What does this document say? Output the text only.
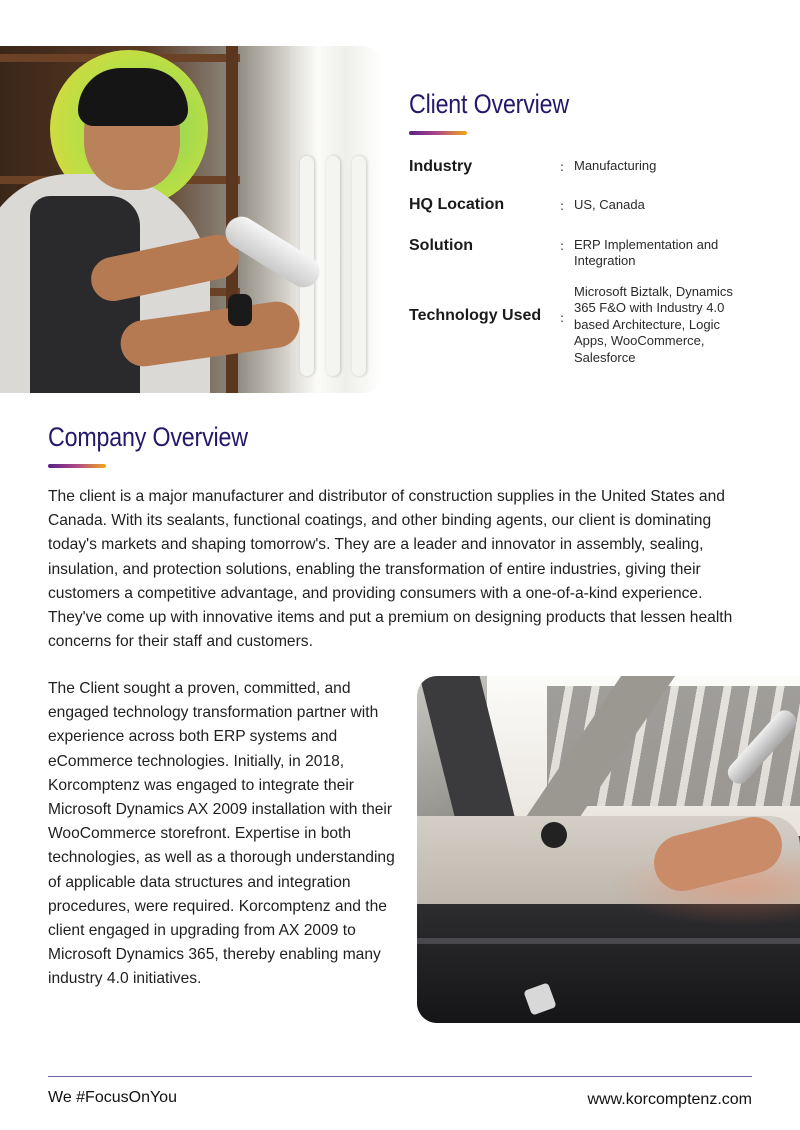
Client Overview
Industry	: Manufacturing
HQ Location	: US, Canada
Solution	: ERP Implementation and Integration
Technology Used :
Microsoft Biztalk, Dynamics 365 F&O with Industry 4.0 based Architecture, Logic Apps, WooCommerce, Salesforce
Company Overview

The client is a major manufacturer and distributor of construction supplies in the United States and Canada. With its sealants, functional coatings, and other binding agents, our client is dominating today's markets and shaping tomorrow's. They are a leader and innovator in assembly, sealing, insulation, and protection solutions, enabling the transformation of entire industries, giving their customers a competitive advantage, and providing consumers with a one-of-a-kind experience. They've come up with innovative items and put a premium on designing products that lessen health concerns for their staff and customers.

The Client sought a proven, committed, and engaged technology transformation partner with experience across both ERP systems and eCommerce technologies. Initially, in 2018, Korcomptenz was engaged to integrate their Microsoft Dynamics AX 2009 installation with their WooCommerce storefront. Expertise in both technologies, as well as a thorough understanding of applicable data structures and integration procedures, were required. Korcomptenz and the client engaged in upgrading from AX 2009 to Microsoft Dynamics 365, thereby enabling many industry 4.0 initiatives.

We #FocusOnYou	www.korcomptenz.com
